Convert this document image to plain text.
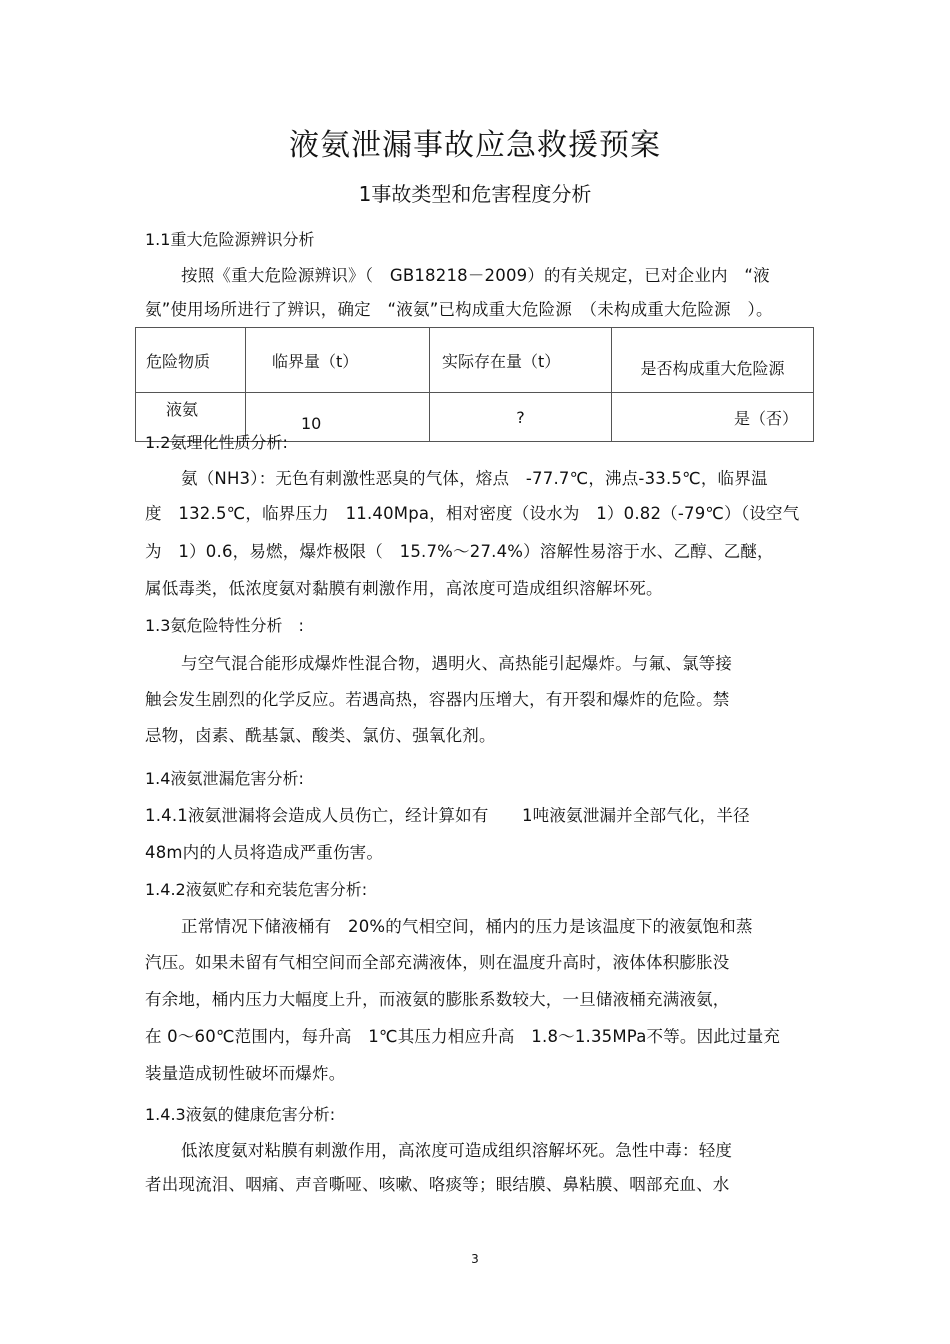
液氨泄漏事故应急救援预案
1事故类型和危害程度分析
1.1重大危险源辨识分析
按照《重大危险源辨识》（　GB18218－2009）的有关规定，已对企业内　“液
氨”使用场所进行了辨识，确定　“液氨”已构成重大危险源　（未构成重大危险源　）。
危险物质	临界量（t）	实际存在量（t）	是否构成重大危险源
液氨	10	?	是（否）
1.2氨理化性质分析:
氨（NH3）：无色有刺激性恶臭的气体，熔点　-77.7℃，沸点-33.5℃，临界温
度　132.5℃，临界压力　11.40Mpa，相对密度（设水为　1）0.82（-79℃）（设空气
为　1）0.6，易燃，爆炸极限（　15.7%～27.4%）溶解性易溶于水、乙醇、乙醚，
属低毒类，低浓度氨对黏膜有刺激作用，高浓度可造成组织溶解坏死。
1.3氨危险特性分析　:
与空气混合能形成爆炸性混合物，遇明火、高热能引起爆炸。与氟、氯等接
触会发生剧烈的化学反应。若遇高热，容器内压增大，有开裂和爆炸的危险。禁
忌物，卤素、酰基氯、酸类、氯仿、强氧化剂。
1.4液氨泄漏危害分析:
1.4.1液氨泄漏将会造成人员伤亡，经计算如有　　1吨液氨泄漏并全部气化，半径
48m内的人员将造成严重伤害。
1.4.2液氨贮存和充装危害分析:
正常情况下储液桶有　20%的气相空间，桶内的压力是该温度下的液氨饱和蒸
汽压。如果未留有气相空间而全部充满液体，则在温度升高时，液体体积膨胀没
有余地，桶内压力大幅度上升，而液氨的膨胀系数较大，一旦储液桶充满液氨，
在 0～60℃范围内，每升高　1℃其压力相应升高　1.8～1.35MPa不等。因此过量充
装量造成韧性破坏而爆炸。
1.4.3液氨的健康危害分析:
低浓度氨对粘膜有刺激作用，高浓度可造成组织溶解坏死。急性中毒：轻度
者出现流泪、咽痛、声音嘶哑、咳嗽、咯痰等；眼结膜、鼻粘膜、咽部充血、水
3
